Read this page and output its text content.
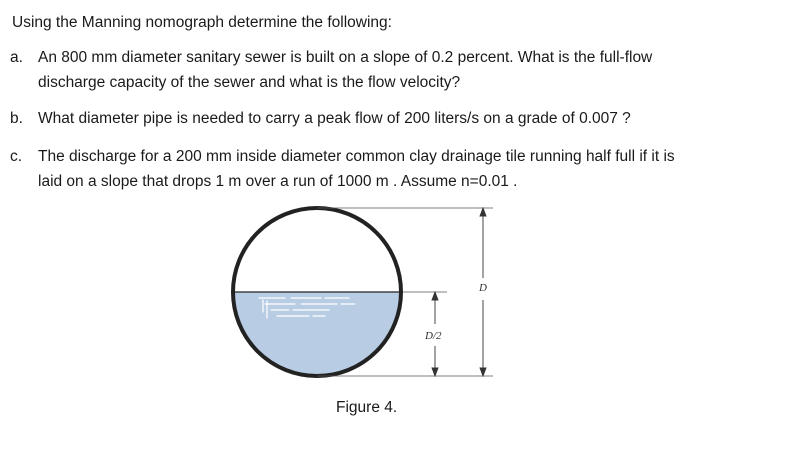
Using the Manning nomograph determine the following:
a. An 800 mm diameter sanitary sewer is built on a slope of 0.2 percent. What is the full-flow
discharge capacity of the sewer and what is the flow velocity?
b. What diameter pipe is needed to carry a peak flow of 200 liters/s on a grade of 0.007 ?
c.	The discharge for a 200 mm inside diameter common clay drainage tile running half full if it is
laid on a slope that drops 1 m over a run of 1000 m . Assume n=0.01 .
D
D/2
Figure 4.
